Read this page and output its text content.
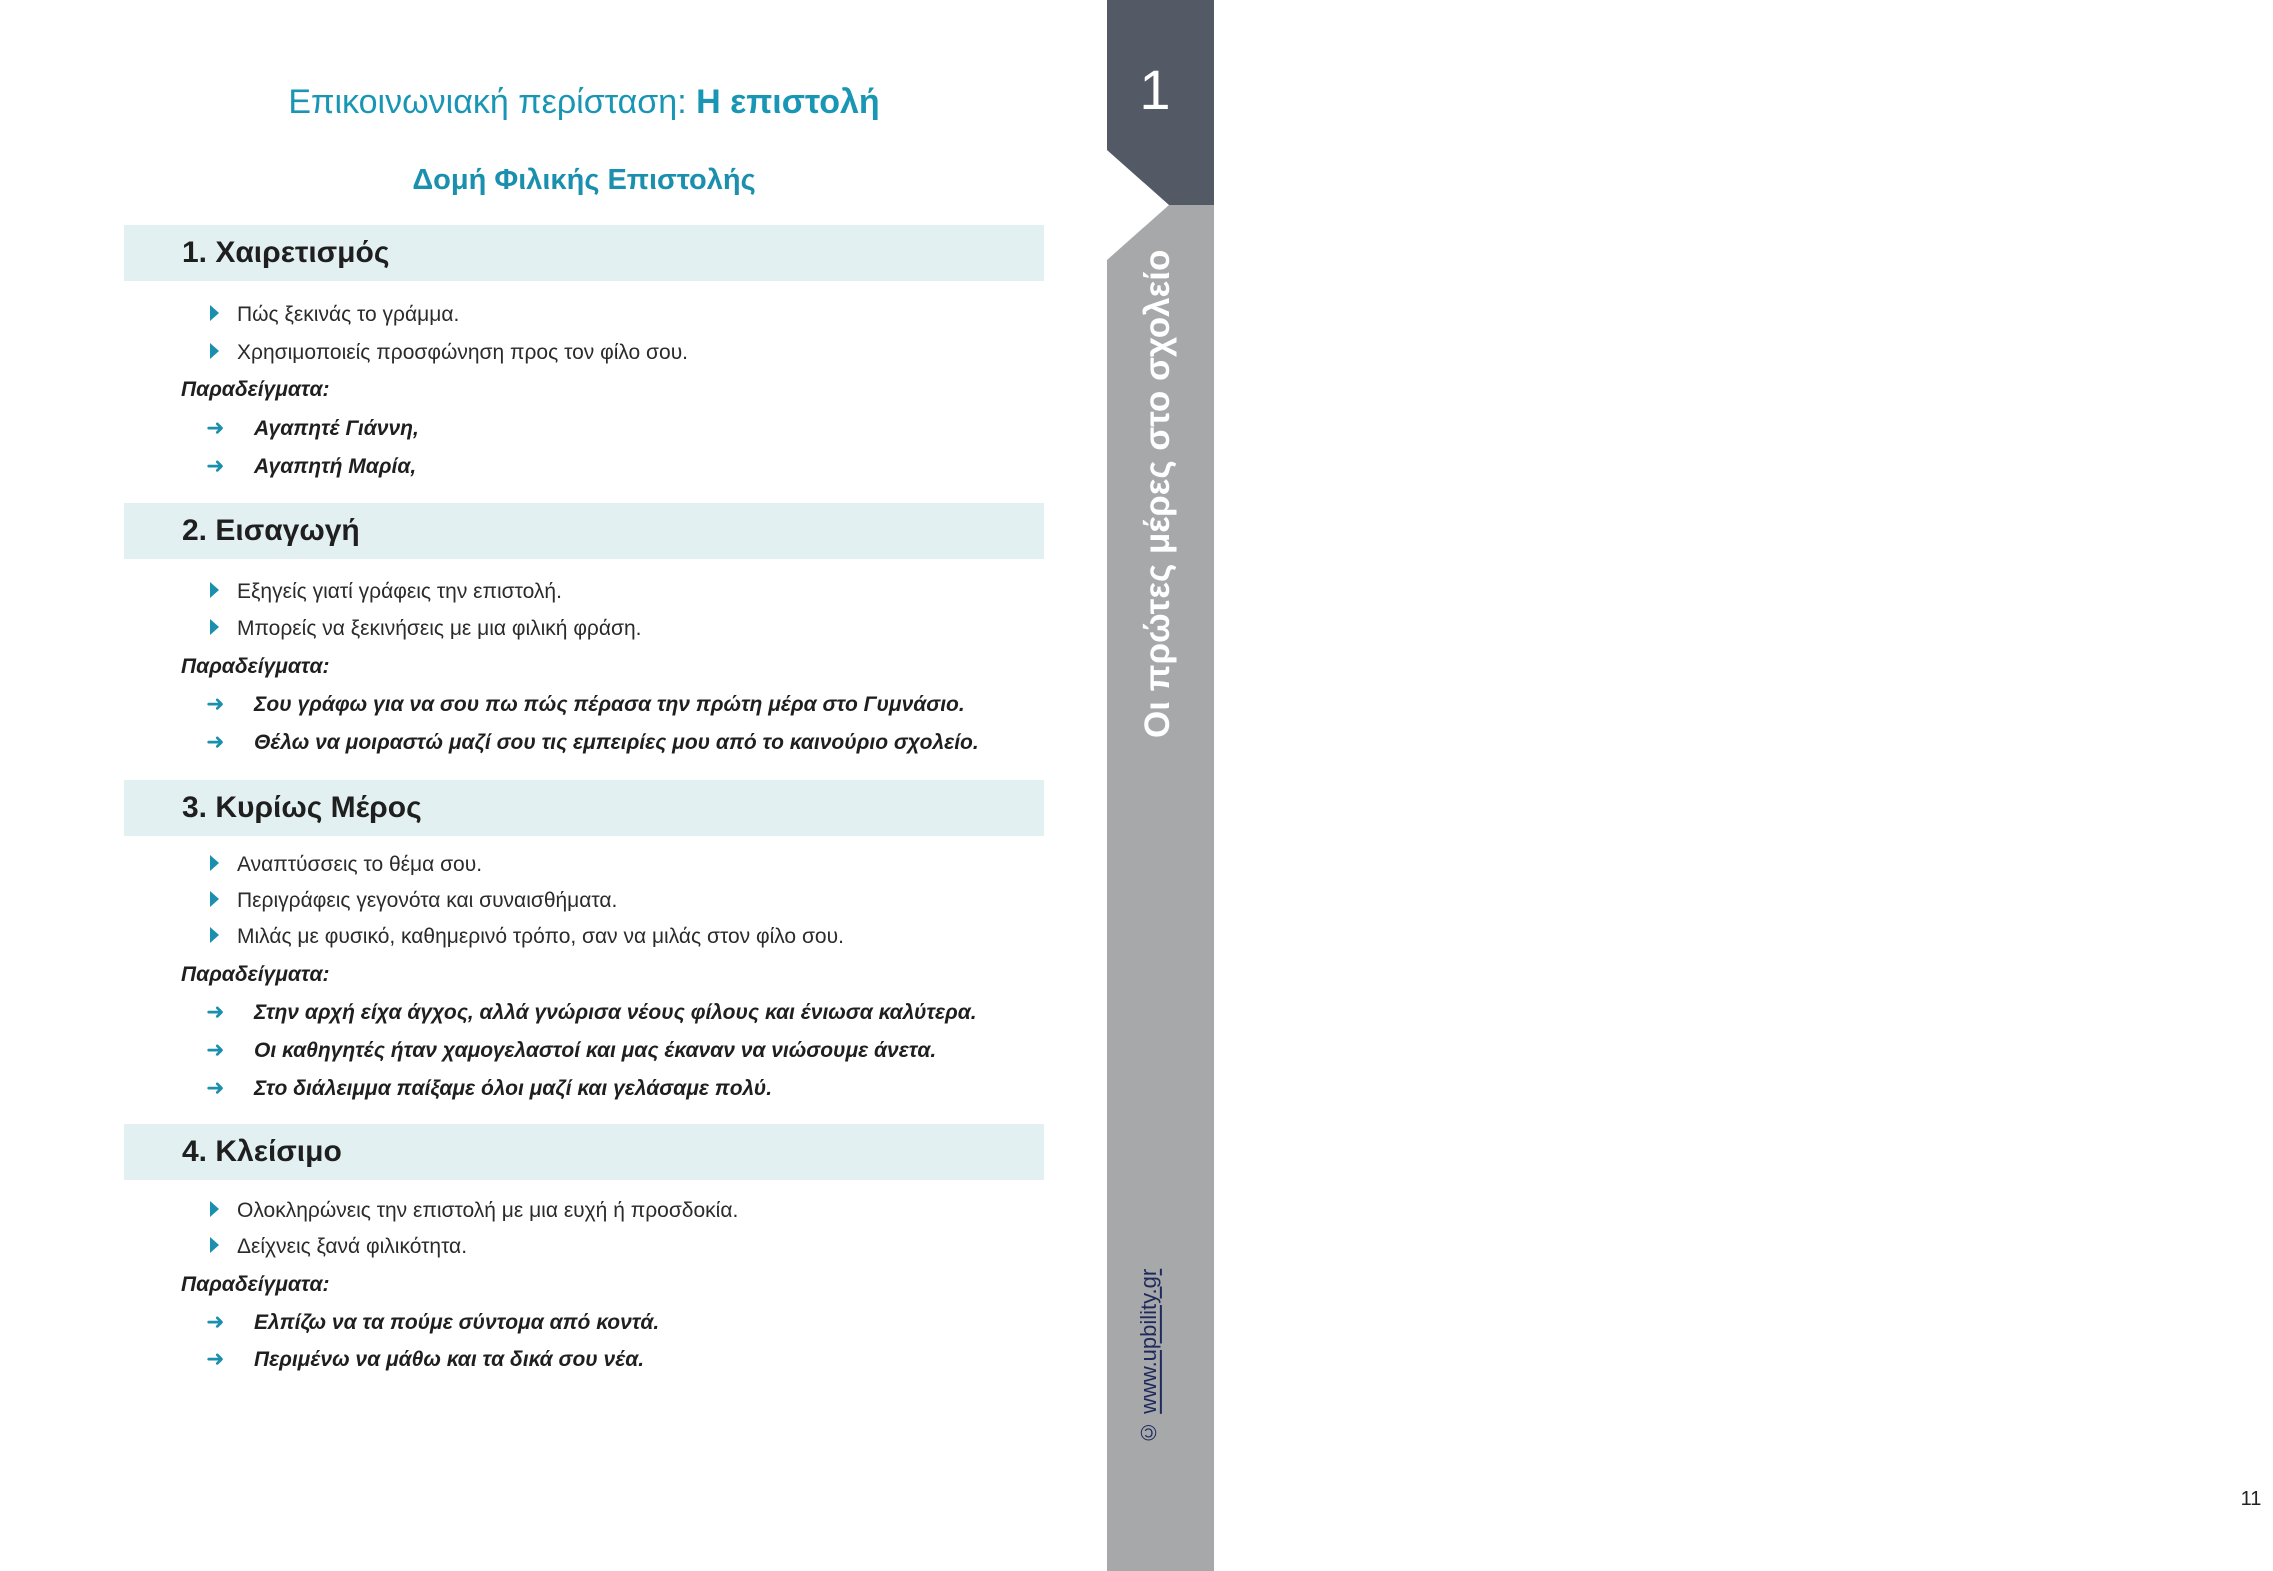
1
11
Οι πρώτες μέρες στο σχολείο
© www.upbility.gr
Επικοινωνιακή περίσταση: Η επιστολή
Δομή Φιλικής Επιστολής
1. Χαιρετισμός
Πώς ξεκινάς το γράμμα.
Χρησιμοποιείς προσφώνηση προς τον φίλο σου.
Παραδείγματα:
➜ Αγαπητέ Γιάννη,
➜ Αγαπητή Μαρία,
2. Εισαγωγή
Εξηγείς γιατί γράφεις την επιστολή.
Μπορείς να ξεκινήσεις με μια φιλική φράση.
Παραδείγματα:
➜ Σου γράφω για να σου πω πώς πέρασα την πρώτη μέρα στο Γυμνάσιο.
➜ Θέλω να μοιραστώ μαζί σου τις εμπειρίες μου από το καινούριο σχολείο.
3. Κυρίως Μέρος
Αναπτύσσεις το θέμα σου.
Περιγράφεις γεγονότα και συναισθήματα.
Μιλάς με φυσικό, καθημερινό τρόπο, σαν να μιλάς στον φίλο σου.
Παραδείγματα:
➜ Στην αρχή είχα άγχος, αλλά γνώρισα νέους φίλους και ένιωσα καλύτερα.
➜ Οι καθηγητές ήταν χαμογελαστοί και μας έκαναν να νιώσουμε άνετα.
➜ Στο διάλειμμα παίξαμε όλοι μαζί και γελάσαμε πολύ.
4. Κλείσιμο
Ολοκληρώνεις την επιστολή με μια ευχή ή προσδοκία.
Δείχνεις ξανά φιλικότητα.
Παραδείγματα:
➜ Ελπίζω να τα πούμε σύντομα από κοντά.
➜ Περιμένω να μάθω και τα δικά σου νέα.
